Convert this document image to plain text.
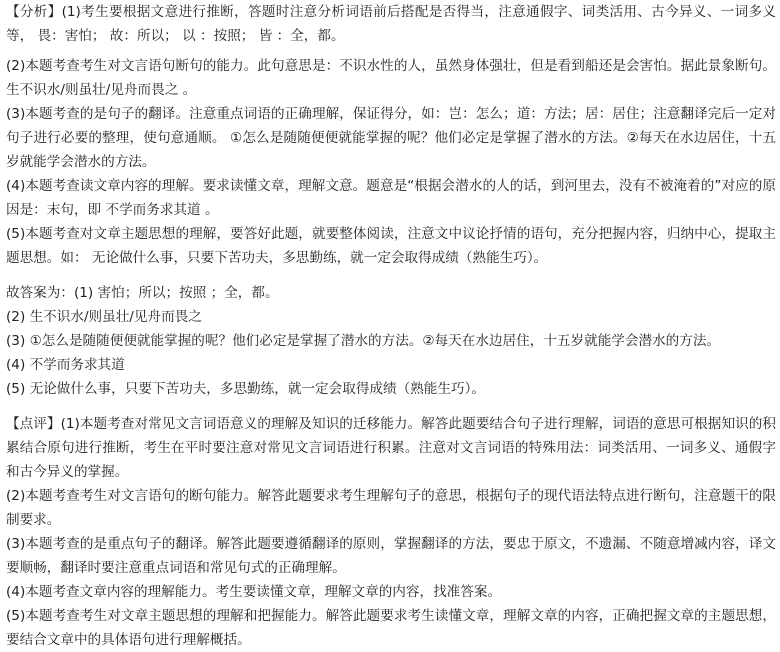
【分析】(1)考生要根据文意进行推断，答题时注意分析词语前后搭配是否得当，注意通假字、词类活用、古今异义、一词多义等， 畏：害怕； 故：所以； 以 ：按照； 皆 ：全，都。

(2)本题考查考生对文言语句断句的能力。此句意思是：不识水性的人，虽然身体强壮，但是看到船还是会害怕。据此景象断句。 生不识水/则虽壮/见舟而畏之 。

(3)本题考查的是句子的翻译。注意重点词语的正确理解，保证得分，如：岂：怎么；道：方法；居：居住；注意翻译完后一定对句子进行必要的整理，使句意通顺。 ①怎么是随随便便就能掌握的呢？他们必定是掌握了潜水的方法。②每天在水边居住，十五岁就能学会潜水的方法。

(4)本题考查读文章内容的理解。要求读懂文章，理解文意。题意是“根据会潜水的人的话，到河里去，没有不被淹着的”对应的原因是：末句，即 不学而务求其道 。

(5)本题考查对文章主题思想的理解，要答好此题，就要整体阅读，注意文中议论抒情的语句，充分把握内容，归纳中心，提取主题思想。如： 无论做什么事，只要下苦功夫，多思勤练，就一定会取得成绩（熟能生巧）。

故答案为：(1) 害怕；所以；按照 ；全，都。

(2) 生不识水/则虽壮/见舟而畏之

(3) ①怎么是随随便便就能掌握的呢？他们必定是掌握了潜水的方法。②每天在水边居住，十五岁就能学会潜水的方法。

(4) 不学而务求其道

(5) 无论做什么事，只要下苦功夫，多思勤练，就一定会取得成绩（熟能生巧）。

【点评】(1)本题考查对常见文言词语意义的理解及知识的迁移能力。解答此题要结合句子进行理解，词语的意思可根据知识的积累结合原句进行推断，考生在平时要注意对常见文言词语进行积累。注意对文言词语的特殊用法：词类活用、一词多义、通假字和古今异义的掌握。

(2)本题考查考生对文言语句的断句能力。解答此题要求考生理解句子的意思，根据句子的现代语法特点进行断句，注意题干的限制要求。

(3)本题考查的是重点句子的翻译。解答此题要遵循翻译的原则，掌握翻译的方法，要忠于原文，不遗漏、不随意增减内容，译文要顺畅，翻译时要注意重点词语和常见句式的正确理解。

(4)本题考查文章内容的理解能力。考生要读懂文章，理解文章的内容，找准答案。

(5)本题考查考生对文章主题思想的理解和把握能力。解答此题要求考生读懂文章，理解文章的内容，正确把握文章的主题思想，要结合文章中的具体语句进行理解概括。
